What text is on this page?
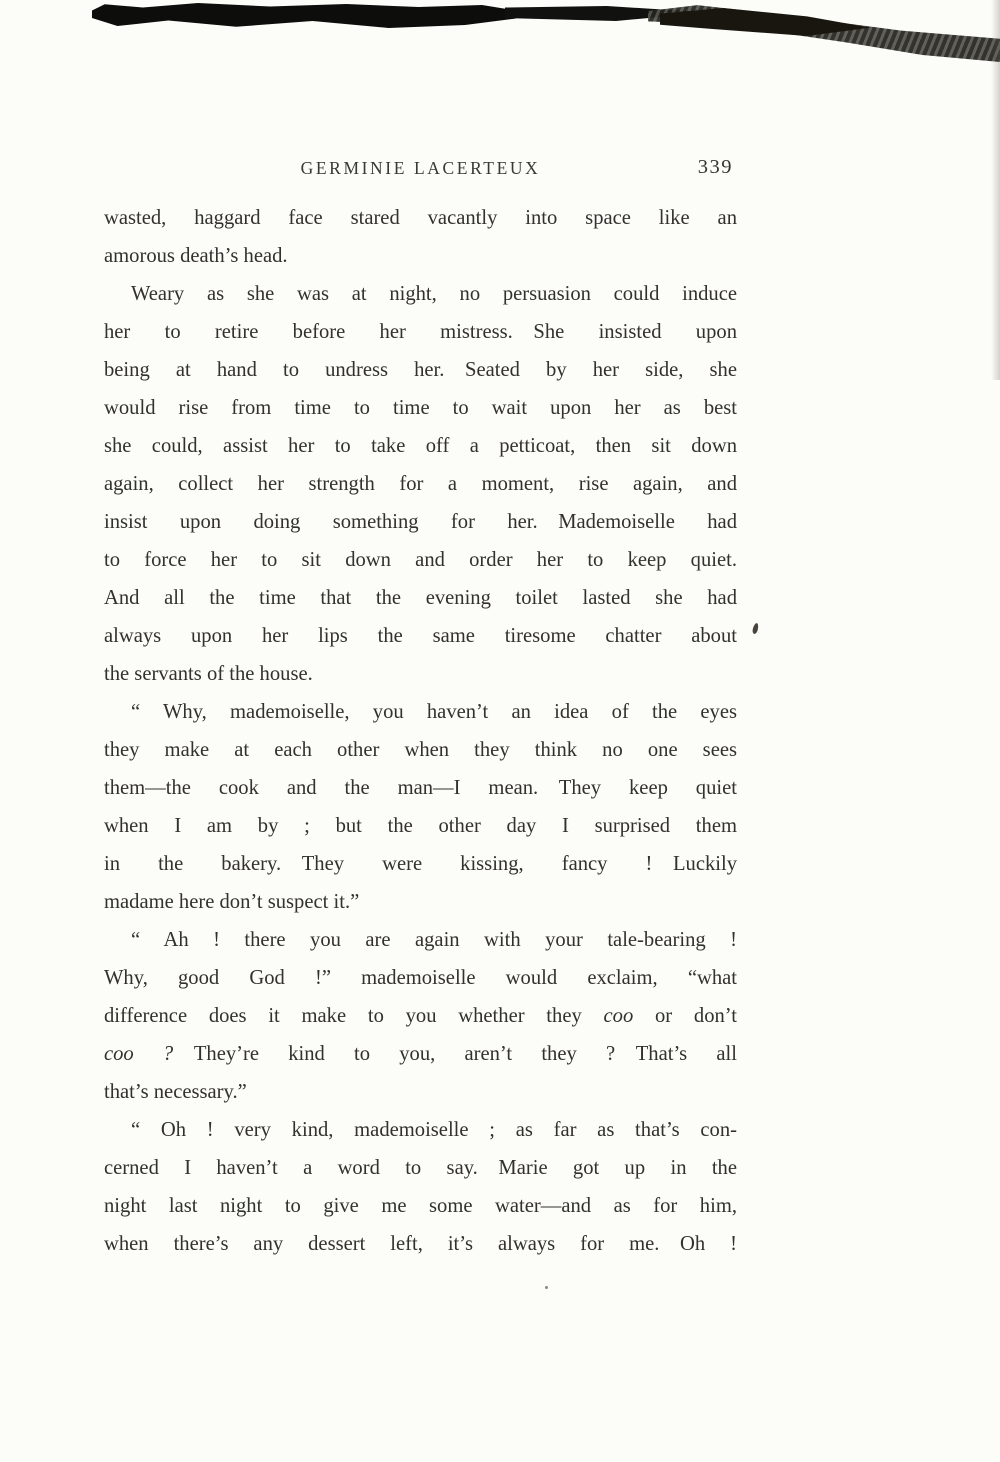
GERMINIE LACERTEUX	339
wasted, haggard face stared vacantly into space like an
amorous death’s head.
Weary as she was at night, no persuasion could induce
her to retire before her mistress. She insisted upon
being at hand to undress her. Seated by her side, she
would rise from time to time to wait upon her as best
she could, assist her to take off a petticoat, then sit down
again, collect her strength for a moment, rise again, and
insist upon doing something for her. Mademoiselle had
to force her to sit down and order her to keep quiet.
And all the time that the evening toilet lasted she had
always upon her lips the same tiresome chatter about
the servants of the house.
“ Why, mademoiselle, you haven’t an idea of the eyes
they make at each other when they think no one sees
them—the cook and the man—I mean. They keep quiet
when I am by ; but the other day I surprised them
in the bakery. They were kissing, fancy ! Luckily
madame here don’t suspect it.”
“ Ah ! there you are again with your tale-bearing !
Why, good God !” mademoiselle would exclaim, “what
difference does it make to you whether they coo or don’t
coo ? They’re kind to you, aren’t they ? That’s all
that’s necessary.”
“ Oh ! very kind, mademoiselle ; as far as that’s con-
cerned I haven’t a word to say. Marie got up in the
night last night to give me some water—and as for him,
when there’s any dessert left, it’s always for me. Oh !
